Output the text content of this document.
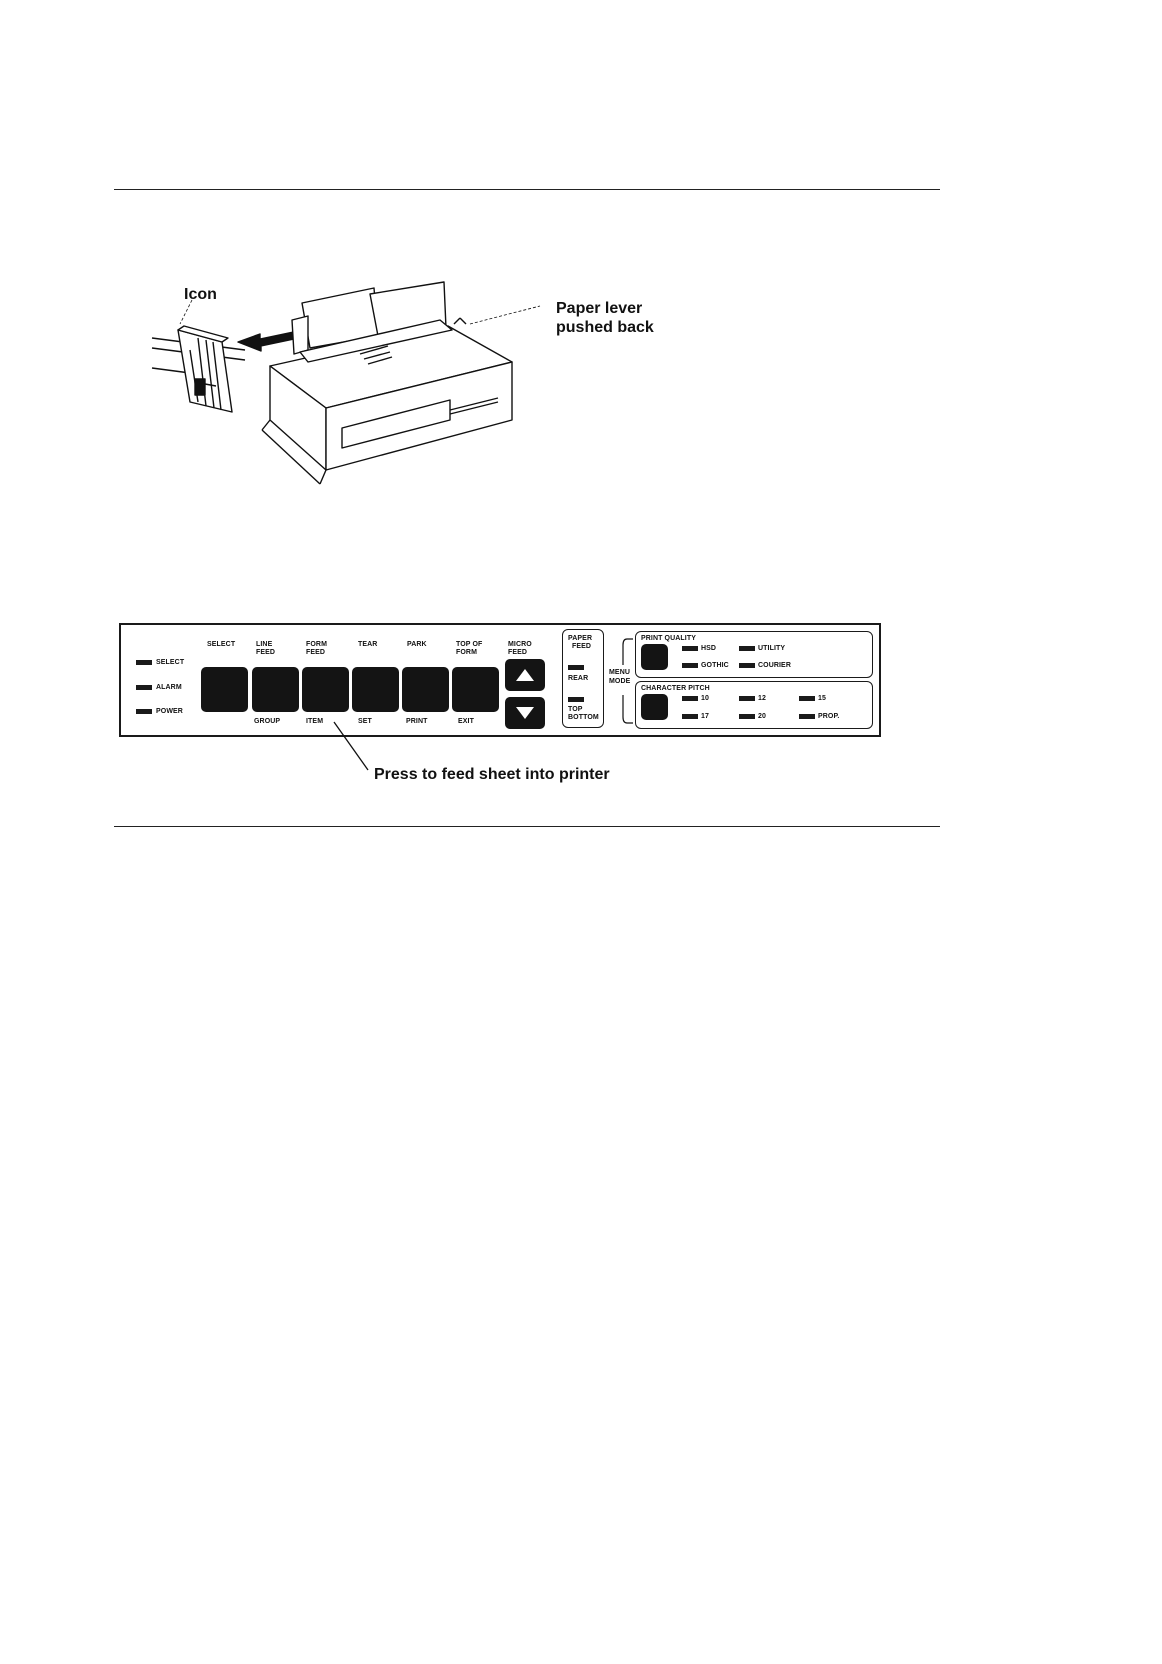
Icon
Paper lever
pushed back
SELECT
ALARM
POWER
SELECT	LINE
FEED
FORM
FEED
TEAR	PARK	TOP OF
FORM
MICRO
FEED
GROUP	ITEM	SET	PRINT	EXIT
PAPER
FEED
REAR
TOP
BOTTOM
MENU
MODE
PRINT QUALITY
HSD	UTILITY
GOTHIC	COURIER
CHARACTER PITCH
10	12	15
17	20	PROP.
Press to feed sheet into printer
